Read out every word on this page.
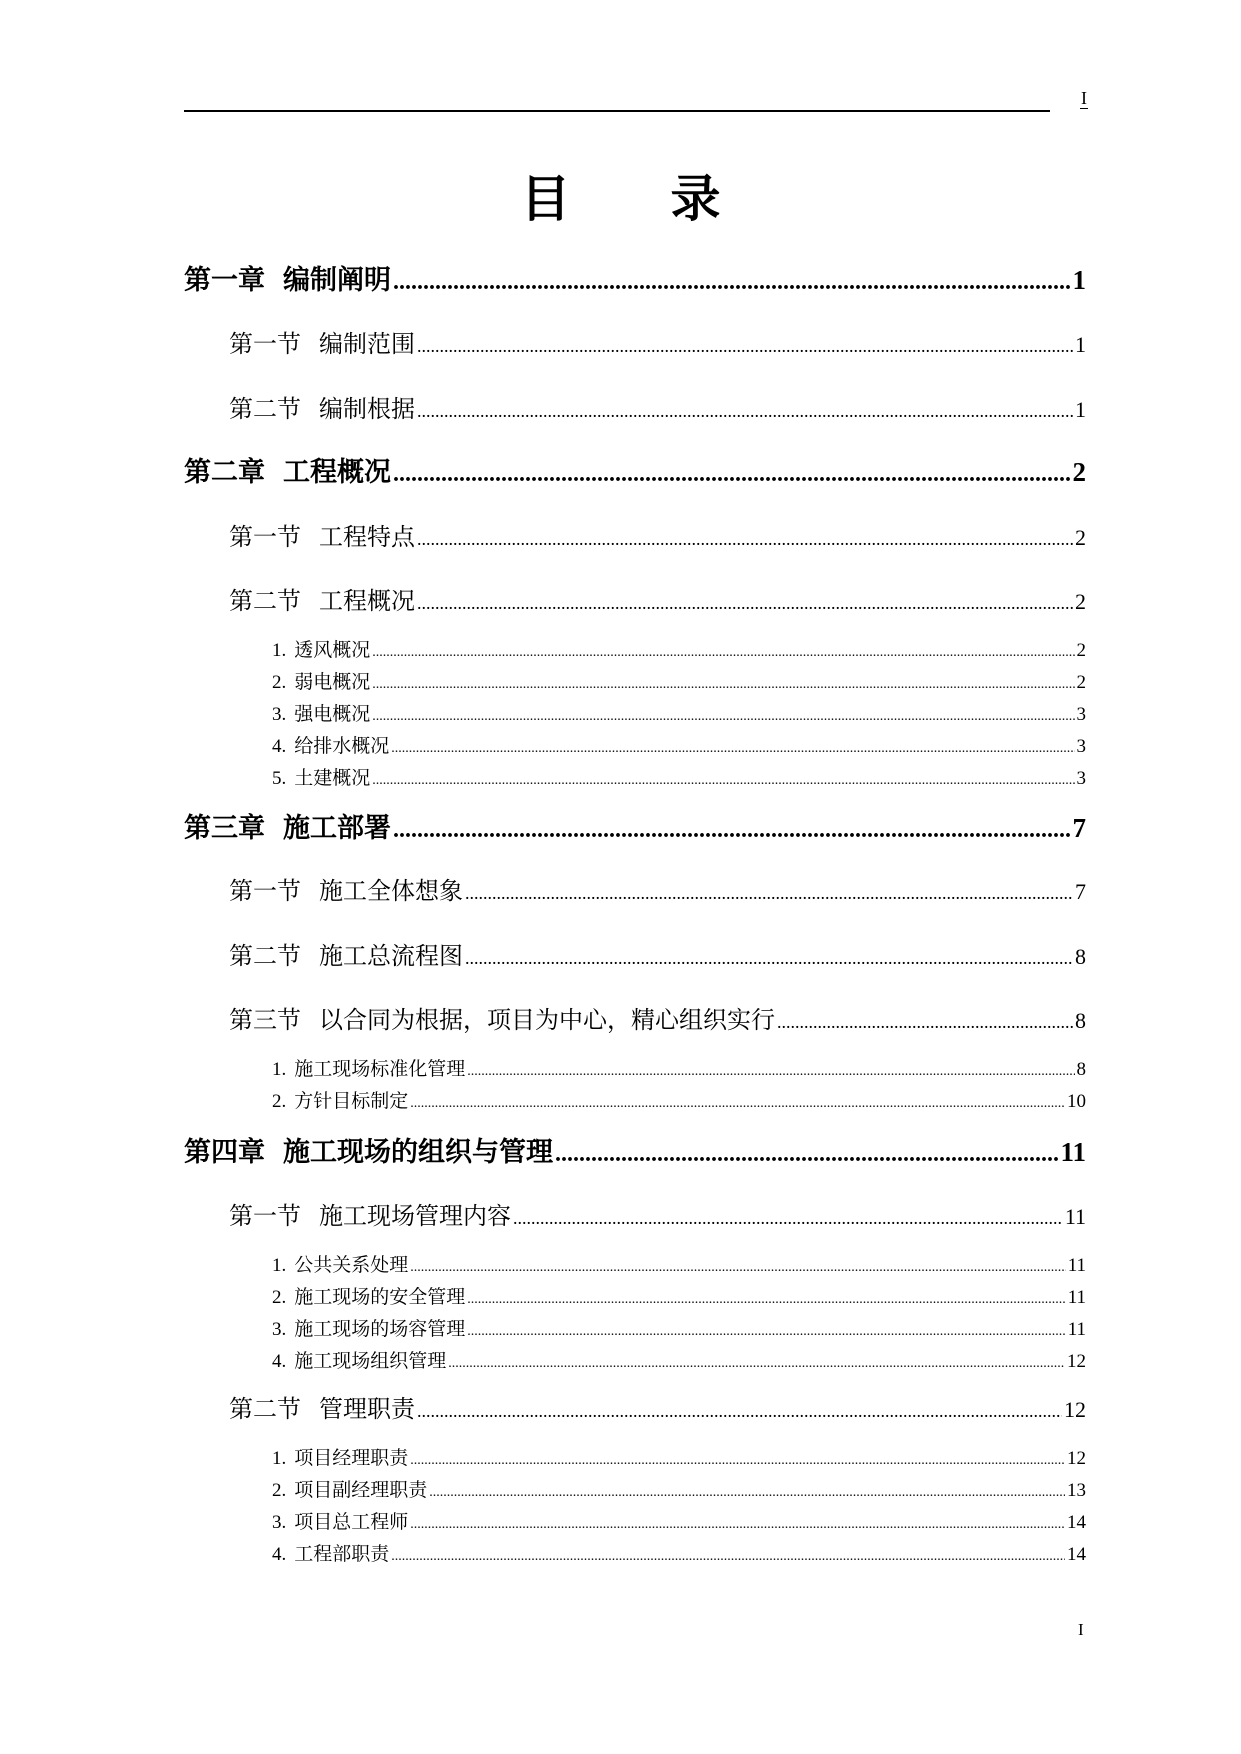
I
目录
第一章 编制阐明 .....	1
第一节 编制范围 .....	1
第二节 编制根据 .....	1
第二章 工程概况 .....	2
第一节 工程特点 .....	2
第二节 工程概况 .....	2
1. 透风概况 .....	2
2. 弱电概况 .....	2
3. 强电概况 .....	3
4. 给排水概况 .....	3
5. 土建概况 .....	3
第三章 施工部署 .....	7
第一节 施工全体想象 .....	7
第二节 施工总流程图 .....	8
第三节 以合同为根据，项目为中心，精心组织实行 .....	8
1. 施工现场标准化管理 .....	8
2. 方针目标制定 .....	10
第四章 施工现场的组织与管理 .....	11
第一节 施工现场管理内容 .....	11
1. 公共关系处理 .....	11
2. 施工现场的安全管理 .....	11
3. 施工现场的场容管理 .....	11
4. 施工现场组织管理 .....	12
第二节 管理职责 .....	12
1. 项目经理职责 .....	12
2. 项目副经理职责 .....	13
3. 项目总工程师 .....	14
4. 工程部职责 .....	14
I
